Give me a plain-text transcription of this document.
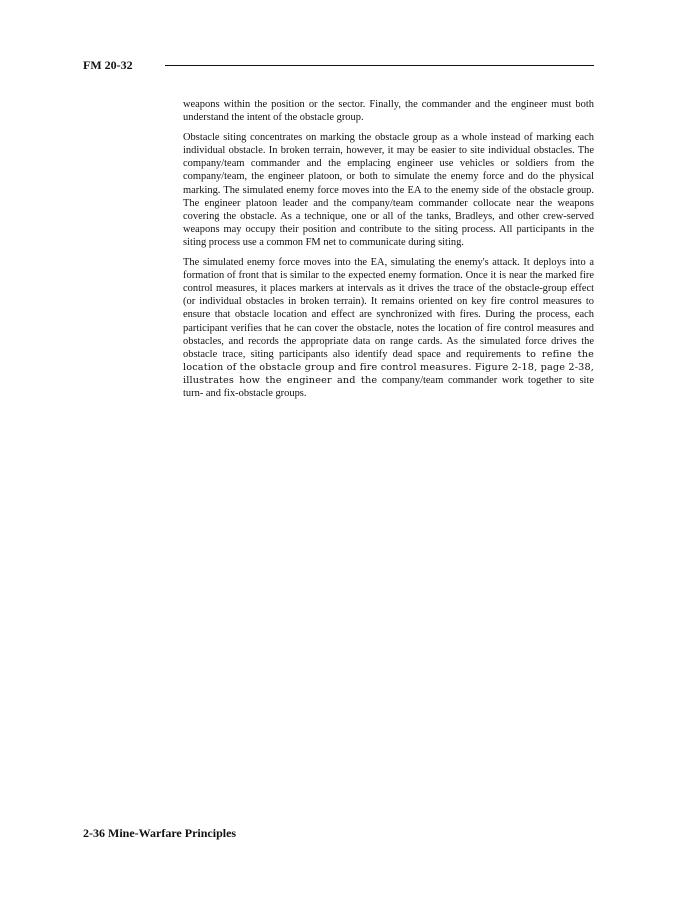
FM 20-32

weapons within the position or the sector. Finally, the commander and the engineer must both understand the intent of the obstacle group.

Obstacle siting concentrates on marking the obstacle group as a whole instead of marking each individual obstacle. In broken terrain, however, it may be easier to site individual obstacles. The company/team commander and the emplacing engineer use vehicles or soldiers from the company/team, the engineer platoon, or both to simulate the enemy force and do the physical marking. The simulated enemy force moves into the EA to the enemy side of the obstacle group. The engineer platoon leader and the company/team commander collocate near the weapons covering the obstacle. As a technique, one or all of the tanks, Bradleys, and other crew-served weapons may occupy their position and contribute to the siting process. All participants in the siting process use a common FM net to communicate during siting.

The simulated enemy force moves into the EA, simulating the enemy's attack. It deploys into a formation of front that is similar to the expected enemy formation. Once it is near the marked fire control measures, it places markers at intervals as it drives the trace of the obstacle-group effect (or individual obstacles in broken terrain). It remains oriented on key fire control measures to ensure that obstacle location and effect are synchronized with fires. During the process, each participant verifies that he can cover the obstacle, notes the location of fire control measures and obstacles, and records the appropriate data on range cards. As the simulated force drives the obstacle trace, siting participants also identify dead space and requirements to refine the location of the obstacle group and fire control measures. Figure 2-18, page 2-38, illustrates how the engineer and the company/team commander work together to site turn- and fix-obstacle groups.

2-36 Mine-Warfare Principles
